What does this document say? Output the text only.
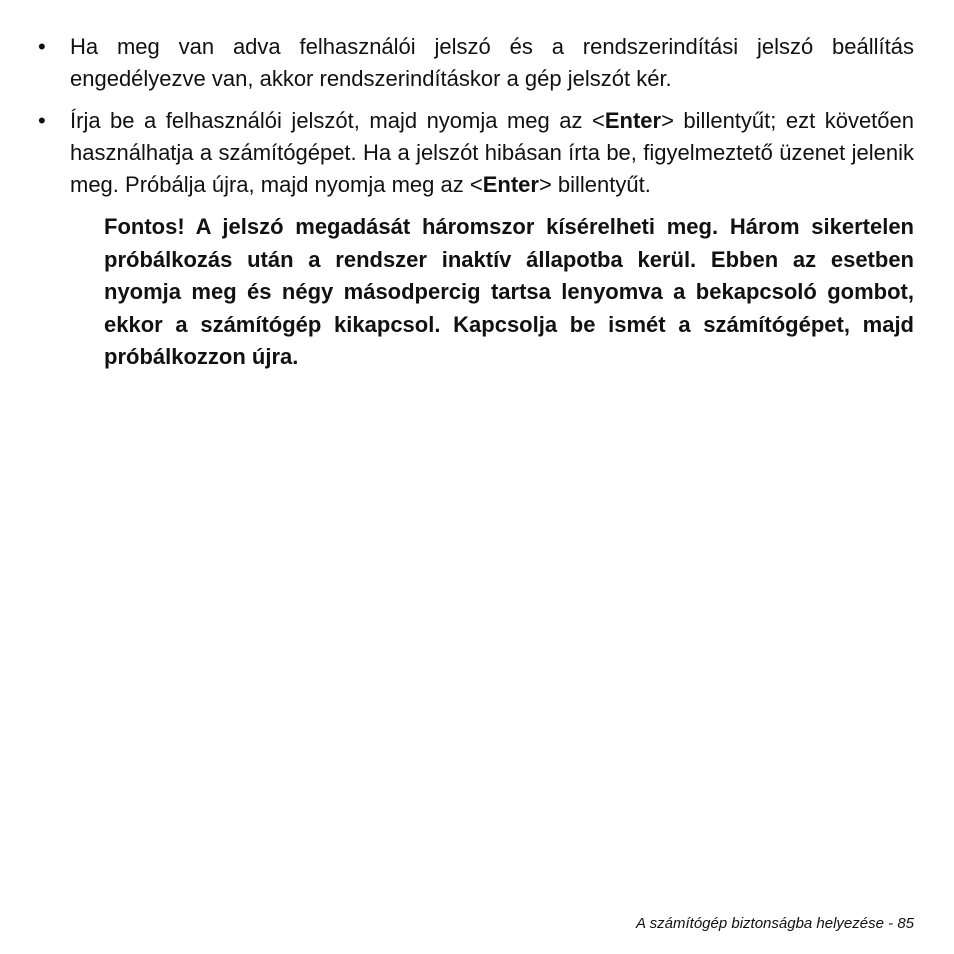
• Ha meg van adva felhasználói jelszó és a rendszerindítási jelszó beállítás engedélyezve van, akkor rendszerindításkor a gép jelszót kér.
• Írja be a felhasználói jelszót, majd nyomja meg az <Enter> billentyűt; ezt követően használhatja a számítógépet. Ha a jelszót hibásan írta be, figyelmeztető üzenet jelenik meg. Próbálja újra, majd nyomja meg az <Enter> billentyűt.
Fontos! A jelszó megadását háromszor kísérelheti meg. Három sikertelen próbálkozás után a rendszer inaktív állapotba kerül. Ebben az esetben nyomja meg és négy másodpercig tartsa lenyomva a bekapcsoló gombot, ekkor a számítógép kikapcsol. Kapcsolja be ismét a számítógépet, majd próbálkozzon újra.
A számítógép biztonságba helyezése - 85
